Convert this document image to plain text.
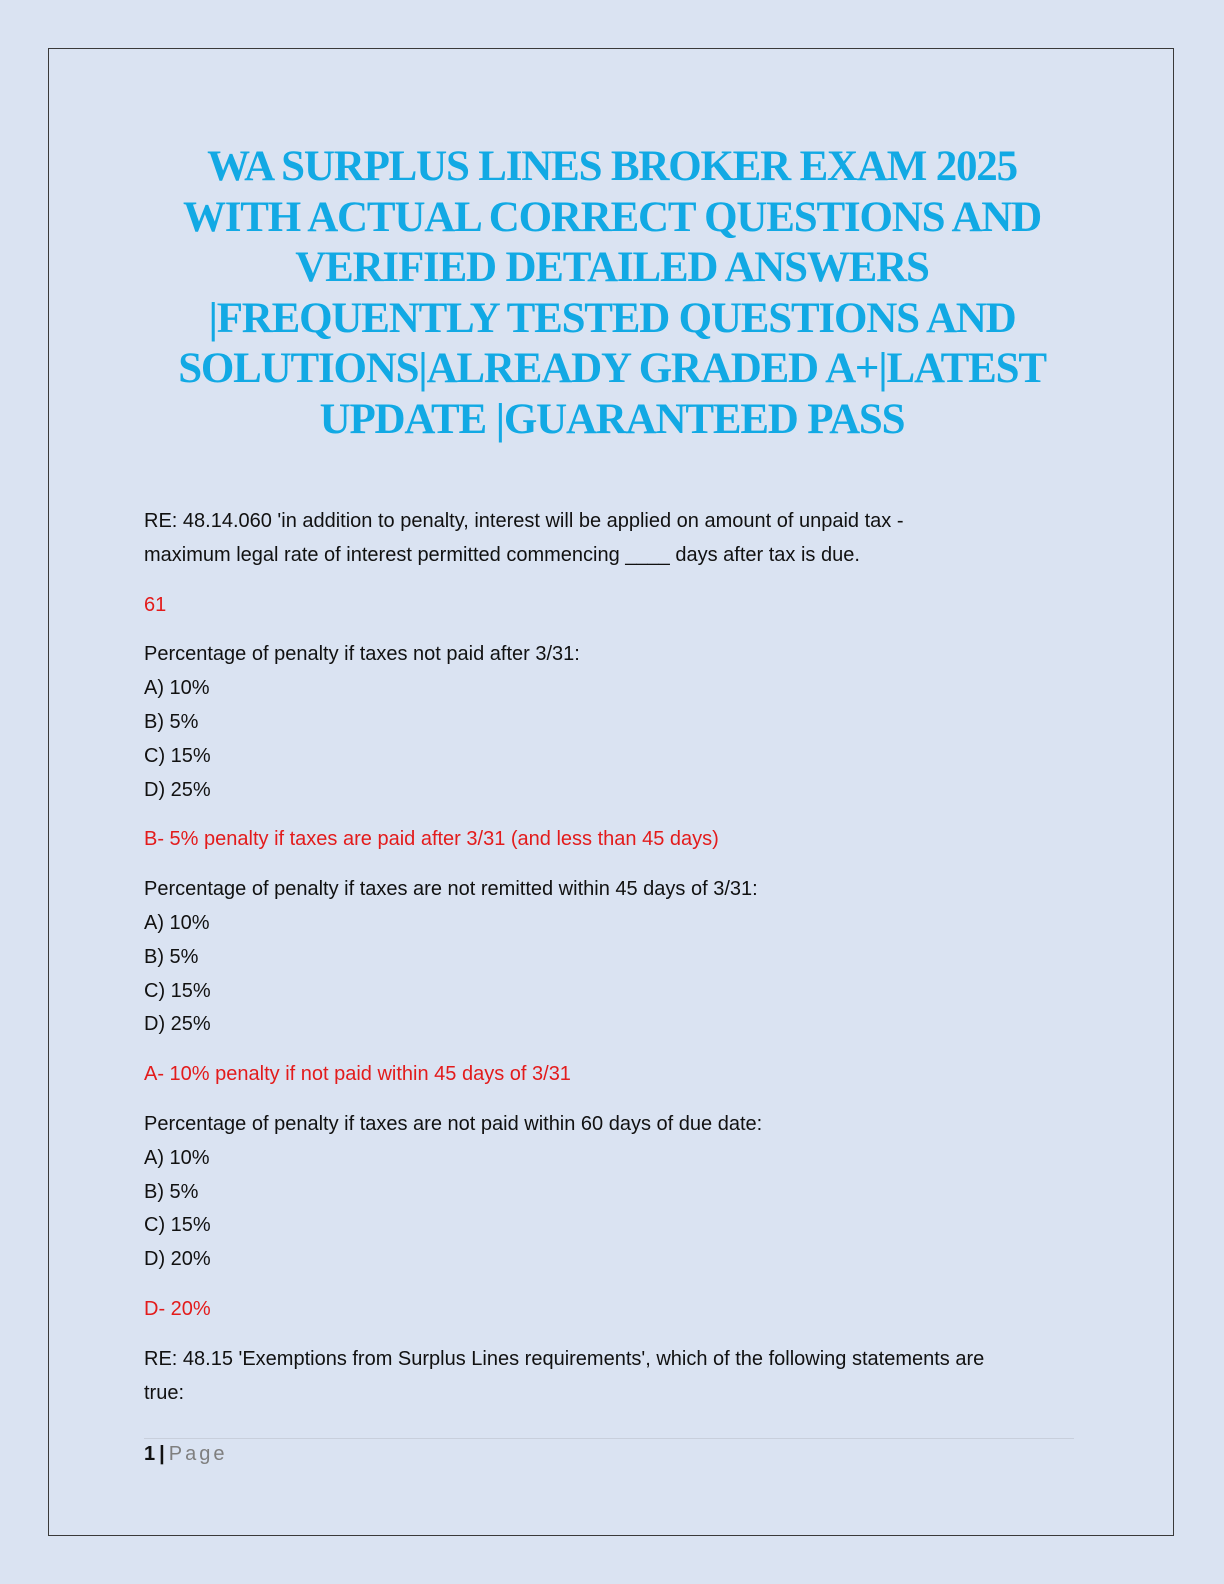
WA SURPLUS LINES BROKER EXAM 2025
WITH ACTUAL CORRECT QUESTIONS AND
VERIFIED DETAILED ANSWERS
|FREQUENTLY TESTED QUESTIONS AND
SOLUTIONS|ALREADY GRADED A+|LATEST
UPDATE |GUARANTEED PASS

RE: 48.14.060 'in addition to penalty, interest will be applied on amount of unpaid tax -
maximum legal rate of interest permitted commencing ____ days after tax is due.

61

Percentage of penalty if taxes not paid after 3/31:
A) 10%
B) 5%
C) 15%
D) 25%

B- 5% penalty if taxes are paid after 3/31 (and less than 45 days)

Percentage of penalty if taxes are not remitted within 45 days of 3/31:
A) 10%
B) 5%
C) 15%
D) 25%

A- 10% penalty if not paid within 45 days of 3/31

Percentage of penalty if taxes are not paid within 60 days of due date:
A) 10%
B) 5%
C) 15%
D) 20%

D- 20%

RE: 48.15 'Exemptions from Surplus Lines requirements', which of the following statements are
true:

1 | Page
